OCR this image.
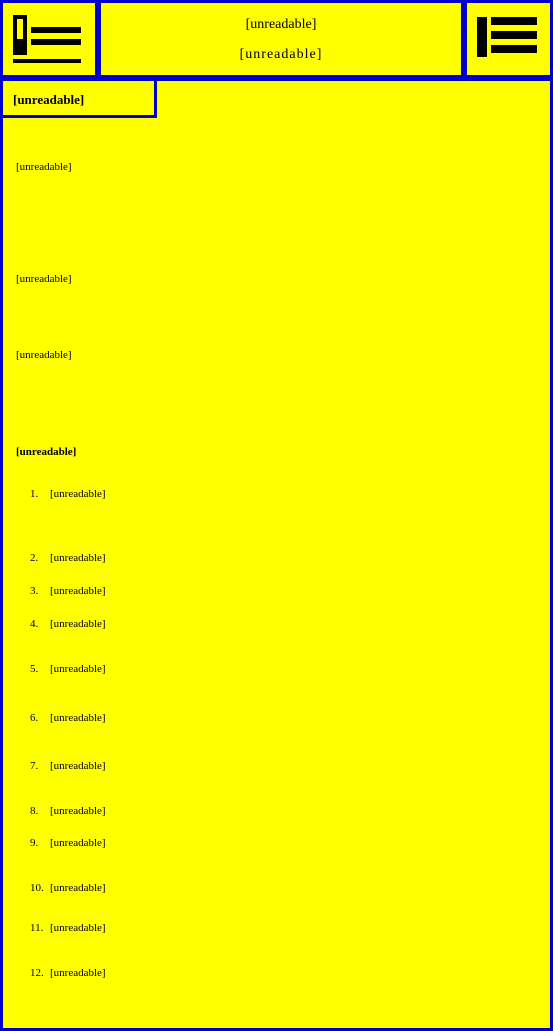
[unreadable]
[unreadable]
[unreadable]
[unreadable]
[unreadable]
[unreadable]
[unreadable]
1.	[unreadable]
2.	[unreadable]
3.	[unreadable]
4.	[unreadable]
5.	[unreadable]
6.	[unreadable]
7.	[unreadable]
8.	[unreadable]
9.	[unreadable]
10. [unreadable]
11. [unreadable]
12. [unreadable]
